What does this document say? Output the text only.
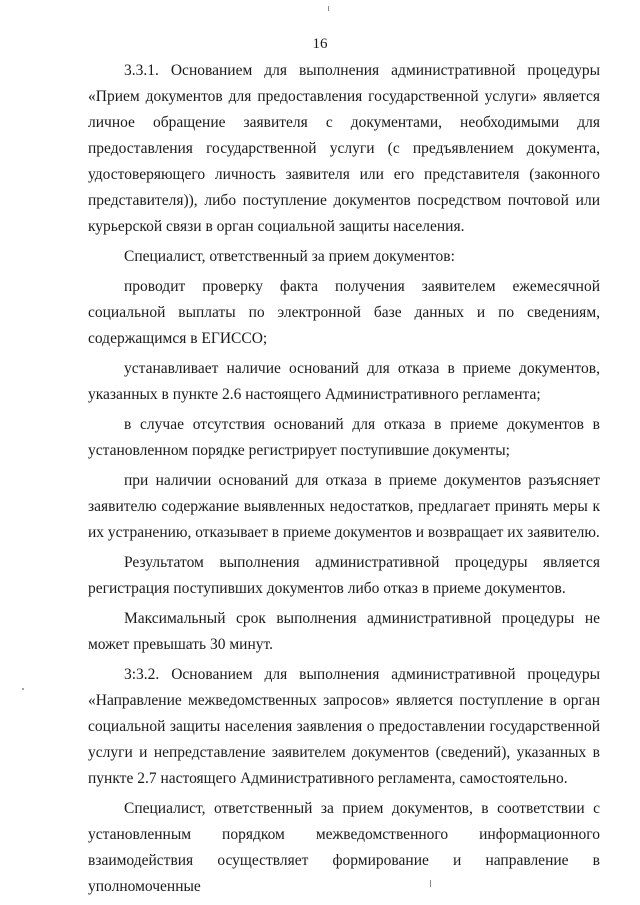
16

3.3.1. Основанием для выполнения административной процедуры «Прием документов для предоставления государственной услуги» является личное обращение заявителя с документами, необходимыми для предоставления государственной услуги (с предъявлением документа, удостоверяющего личность заявителя или его представителя (законного представителя)), либо поступление документов посредством почтовой или курьерской связи в орган социальной защиты населения.

Специалист, ответственный за прием документов:

проводит проверку факта получения заявителем ежемесячной социальной выплаты по электронной базе данных и по сведениям, содержащимся в ЕГИССО;

устанавливает наличие оснований для отказа в приеме документов, указанных в пункте 2.6 настоящего Административного регламента;

в случае отсутствия оснований для отказа в приеме документов в установленном порядке регистрирует поступившие документы;

при наличии оснований для отказа в приеме документов разъясняет заявителю содержание выявленных недостатков, предлагает принять меры к их устранению, отказывает в приеме документов и возвращает их заявителю.

Результатом выполнения административной процедуры является регистрация поступивших документов либо отказ в приеме документов.

Максимальный срок выполнения административной процедуры не может превышать 30 минут.

3:3.2. Основанием для выполнения административной процедуры «Направление межведомственных запросов» является поступление в орган социальной защиты населения заявления о предоставлении государственной услуги и непредставление заявителем документов (сведений), указанных в пункте 2.7 настоящего Административного регламента, самостоятельно.

Специалист, ответственный за прием документов, в соответствии с установленным порядком межведомственного информационного взаимодействия осуществляет формирование и направление в уполномоченные
